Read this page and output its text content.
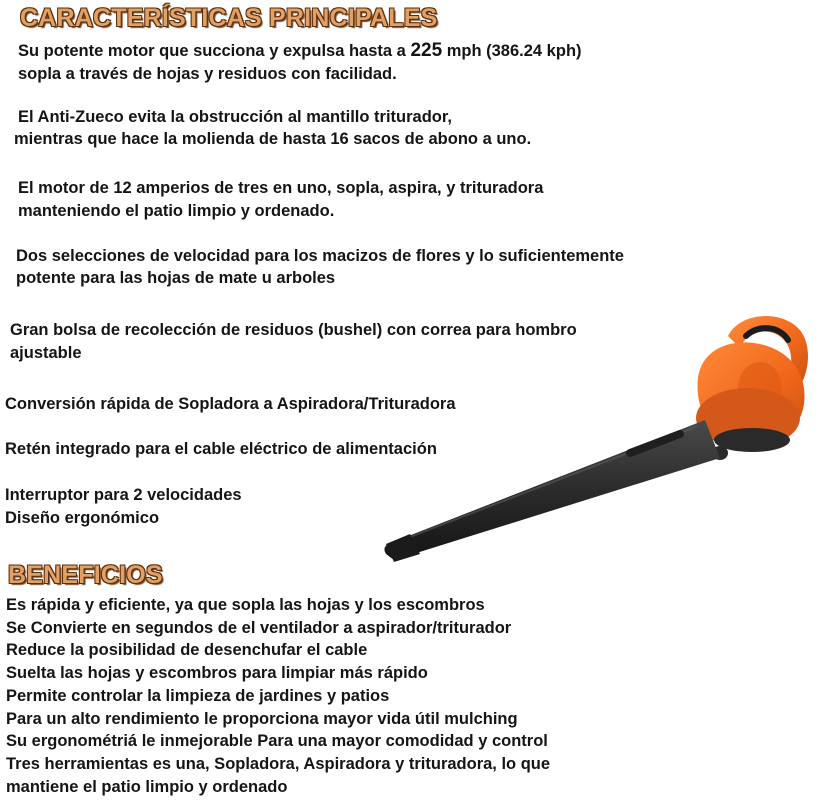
CARACTERÍSTICAS PRINCIPALES

Su potente motor que succiona y expulsa hasta a 225 mph (386.24 kph)

sopla a través de hojas y residuos con facilidad.

El Anti-Zueco evita la obstrucción al mantillo triturador,

mientras que hace la molienda de hasta 16 sacos de abono a uno.

El motor de 12 amperios de tres en uno, sopla, aspira, y trituradora

manteniendo el patio limpio y ordenado.

Dos selecciones de velocidad para los macizos de flores y lo suficientemente

potente para las hojas de mate u arboles

Gran bolsa de recolección de residuos (bushel) con correa para hombro

ajustable

Conversión rápida de Sopladora a Aspiradora/Trituradora

Retén integrado para el cable eléctrico de alimentación

Interruptor para 2 velocidades

Diseño ergonómico

BENEFICIOS
Es rápida y eficiente, ya que sopla las hojas y los escombros
Se Convierte en segundos de el ventilador a aspirador/triturador
Reduce la posibilidad de desenchufar el cable
Suelta las hojas y escombros para limpiar más rápido
Permite controlar la limpieza de jardines y patios
Para un alto rendimiento le proporciona mayor vida útil mulching
Su ergonométriá le inmejorable Para una mayor comodidad y control
Tres herramientas es una, Sopladora, Aspiradora y trituradora, lo que
mantiene el patio limpio y ordenado
